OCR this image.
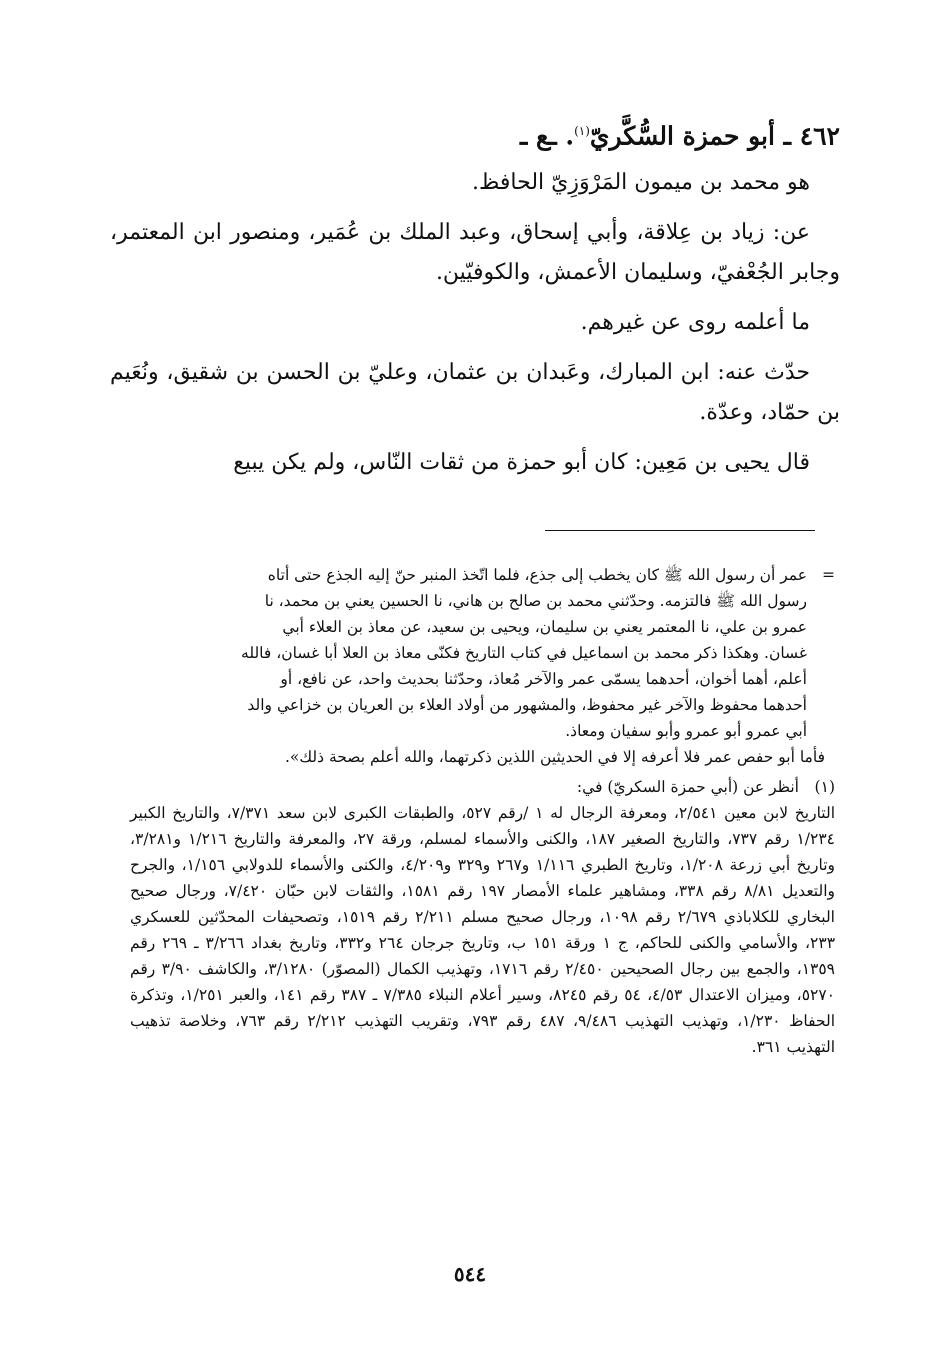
٤٦٢ ـ أبو حمزة السُّكَّريّ$^{(١)}$. ـع ـ

هو محمد بن ميمون المَرْوَزِيّ الحافظ.

عن: زياد بن عِلاقة، وأبي إسحاق، وعبد الملك بن عُمَير، ومنصور ابن المعتمر، وجابر الجُعْفيّ، وسليمان الأعمش، والكوفيّين.

ما أعلمه روى عن غيرهم.

حدّث عنه: ابن المبارك، وعَبدان بن عثمان، وعليّ بن الحسن بن شقيق، ونُعَيم بن حمّاد، وعدّة.

قال يحيى بن مَعِين: كان أبو حمزة من ثقات النّاس، ولم يكن يبيع

=

عمر أن رسول الله ﷺ كان يخطب إلى جذع، فلما اتّخذ المنبر حنّ إليه الجذع حتى أتاه

رسول الله ﷺ فالتزمه. وحدّثني محمد بن صالح بن هاني، نا الحسين يعني بن محمد، نا

عمرو بن علي، نا المعتمر يعني بن سليمان، ويحيى بن سعيد، عن معاذ بن العلاء أبي

غسان. وهكذا ذكر محمد بن اسماعيل في كتاب التاريخ فكنّى معاذ بن العلا أبا غسان، فالله

أعلم، أهما أخوان، أحدهما يسمّى عمر والآخر مُعاذ، وحدّثنا بحديث واحد، عن نافع، أو

أحدهما محفوظ والآخر غير محفوظ، والمشهور من أولاد العلاء بن العريان بن خزاعي والد

أبي عمرو أبو عمرو وأبو سفيان ومعاذ.

فأما أبو حفص عمر فلا أعرفه إلا في الحديثين اللذين ذكرتهما، والله أعلم بصحة ذلك».

(١)
أنظر عن (أبي حمزة السكريّ) في:

التاريخ لابن معين ٢/٥٤١، ومعرفة الرجال له ١ /رقم ٥٢٧، والطبقات الكبرى لابن سعد ٧/٣٧١، والتاريخ الكبير ١/٢٣٤ رقم ٧٣٧، والتاريخ الصغير ١٨٧، والكنى والأسماء لمسلم، ورقة ٢٧، والمعرفة والتاريخ ١/٢١٦ و٣/٢٨١، وتاريخ أبي زرعة ١/٢٠٨، وتاريخ الطبري ١/١١٦ و٢٦٧ و٣٢٩ و٤/٢٠٩، والكنى والأسماء للدولابي ١/١٥٦، والجرح والتعديل ٨/٨١ رقم ٣٣٨، ومشاهير علماء الأمصار ١٩٧ رقم ١٥٨١، والثقات لابن حبّان ٧/٤٢٠، ورجال صحيح البخاري للكلاباذي ٢/٦٧٩ رقم ١٠٩٨، ورجال صحيح مسلم ٢/٢١١ رقم ١٥١٩، وتصحيفات المحدّثين للعسكري ٢٣٣، والأسامي والكنى للحاكم، ج ١ ورقة ١٥١ ب، وتاريخ جرجان ٢٦٤ و٣٣٢، وتاريخ بغداد ٣/٢٦٦ ـ ٢٦٩ رقم ١٣٥٩، والجمع بين رجال الصحيحين ٢/٤٥٠ رقم ١٧١٦، وتهذيب الكمال (المصوّر) ٣/١٢٨٠، والكاشف ٣/٩٠ رقم ٥٢٧٠، وميزان الاعتدال ٤/٥٣، ٥٤ رقم ٨٢٤٥، وسير أعلام النبلاء ٧/٣٨٥ ـ ٣٨٧ رقم ١٤١، والعبر ١/٢٥١، وتذكرة الحفاظ ١/٢٣٠، وتهذيب التهذيب ٩/٤٨٦، ٤٨٧ رقم ٧٩٣، وتقريب التهذيب ٢/٢١٢ رقم ٧٦٣، وخلاصة تذهيب التهذيب ٣٦١.

٥٤٤
